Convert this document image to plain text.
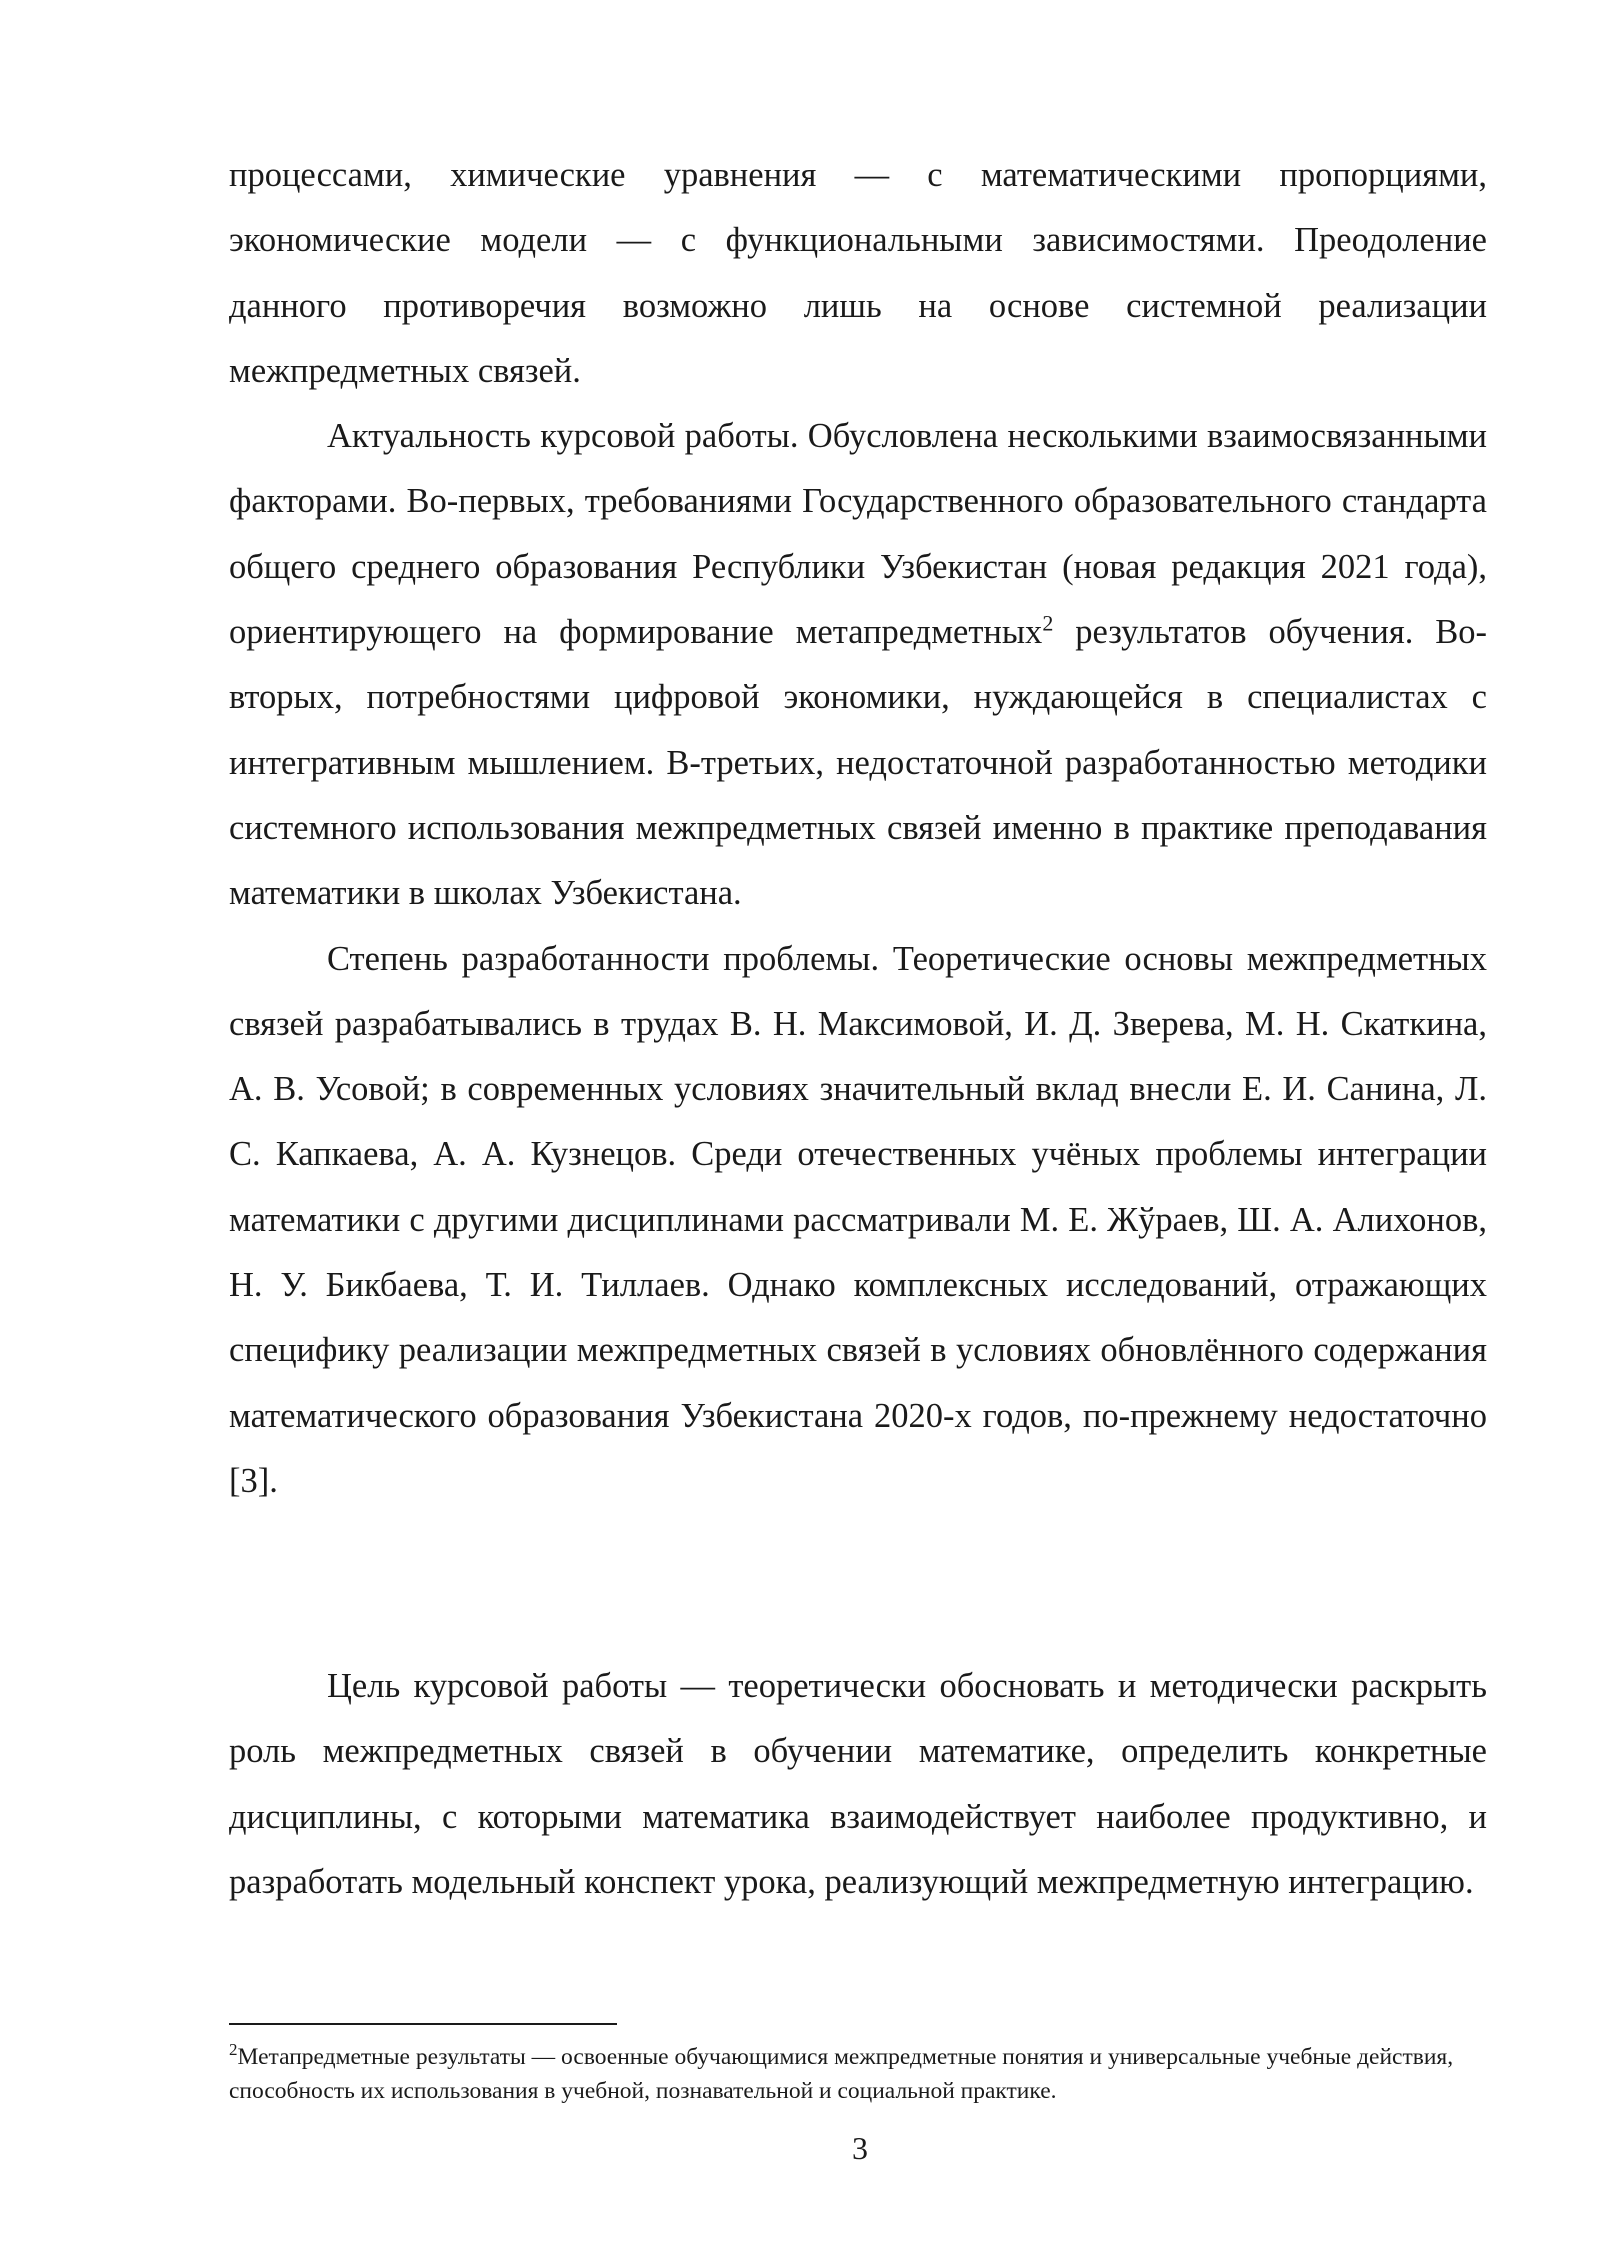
процессами, химические уравнения — с математическими пропорциями, экономические модели — с функциональными зависимостями. Преодоление данного противоречия возможно лишь на основе системной реализации межпредметных связей.

Актуальность курсовой работы. Обусловлена несколькими взаимосвязанными факторами. Во-первых, требованиями Государственного образовательного стандарта общего среднего образования Республики Узбекистан (новая редакция 2021 года), ориентирующего на формирование метапредметных$^2$ результатов обучения. Во-вторых, потребностями цифровой экономики, нуждающейся в специалистах с интегративным мышлением. В-третьих, недостаточной разработанностью методики системного использования межпредметных связей именно в практике преподавания математики в школах Узбекистана.

Степень разработанности проблемы. Теоретические основы межпредметных связей разрабатывались в трудах В. Н. Максимовой, И. Д. Зверева, М. Н. Скаткина, А. В. Усовой; в современных условиях значительный вклад внесли Е. И. Санина, Л. С. Капкаева, А. А. Кузнецов. Среди отечественных учёных проблемы интеграции математики с другими дисциплинами рассматривали М. Е. Жўраев, Ш. А. Алихонов, Н. У. Бикбаева, Т. И. Тиллаев. Однако комплексных исследований, отражающих специфику реализации межпредметных связей в условиях обновлённого содержания математического образования Узбекистана 2020-х годов, по-прежнему недостаточно [3].

Цель курсовой работы — теоретически обосновать и методически раскрыть роль межпредметных связей в обучении математике, определить конкретные дисциплины, с которыми математика взаимодействует наиболее продуктивно, и разработать модельный конспект урока, реализующий межпредметную интеграцию.

$^2$Метапредметные результаты — освоенные обучающимися межпредметные понятия и универсальные учебные действия, способность их использования в учебной, познавательной и социальной практике.
3
